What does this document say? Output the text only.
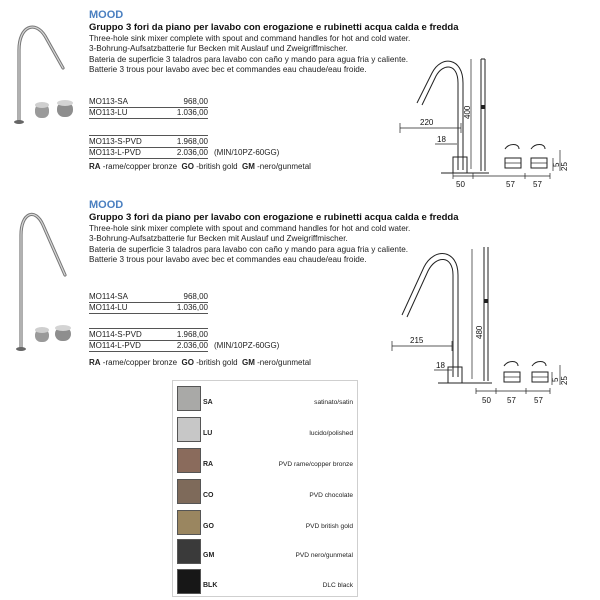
MOOD
Gruppo 3 fori da piano per lavabo con erogazione e rubinetti acqua calda e fredda
Three-hole sink mixer complete with spout and command handles for hot and cold water.
3-Bohrung-Aufsatzbatterie fur Becken mit Auslauf und Zweigriffmischer.
Bateria de superficie 3 taladros para lavabo con caño y mando para agua fria y caliente.
Batterie 3 trous pour lavabo avec bec et commandes eau chaude/eau froide.
MO113-SA	968,00
MO113-LU	1.036,00
MO113-S-PVD	1.968,00
MO113-L-PVD	2.036,00 (MIN/10PZ-60GG)
RA -rame/copper bronze GO -british gold GM -nero/gunmetal
220
400
18
50	57 57
5 25
MOOD
Gruppo 3 fori da piano per lavabo con erogazione e rubinetti acqua calda e fredda
Three-hole sink mixer complete with spout and command handles for hot and cold water.
3-Bohrung-Aufsatzbatterie fur Becken mit Auslauf und Zweigriffmischer.
Bateria de superficie 3 taladros para lavabo con caño y mando para agua fria y caliente.
Batterie 3 trous pour lavabo avec bec et commandes eau chaude/eau froide.
MO114-SA	968,00
MO114-LU	1.036,00
MO114-S-PVD	1.968,00
MO114-L-PVD	2.036,00 (MIN/10PZ-60GG)
RA -rame/copper bronze GO -british gold GM -nero/gunmetal
215
480
18
50 57 57
5 25
SA	satinato/satin
LU	lucido/polished
RA	PVD rame/copper bronze
CO	PVD chocolate
GO	PVD british gold
GM	PVD nero/gunmetal
BLK	DLC black
